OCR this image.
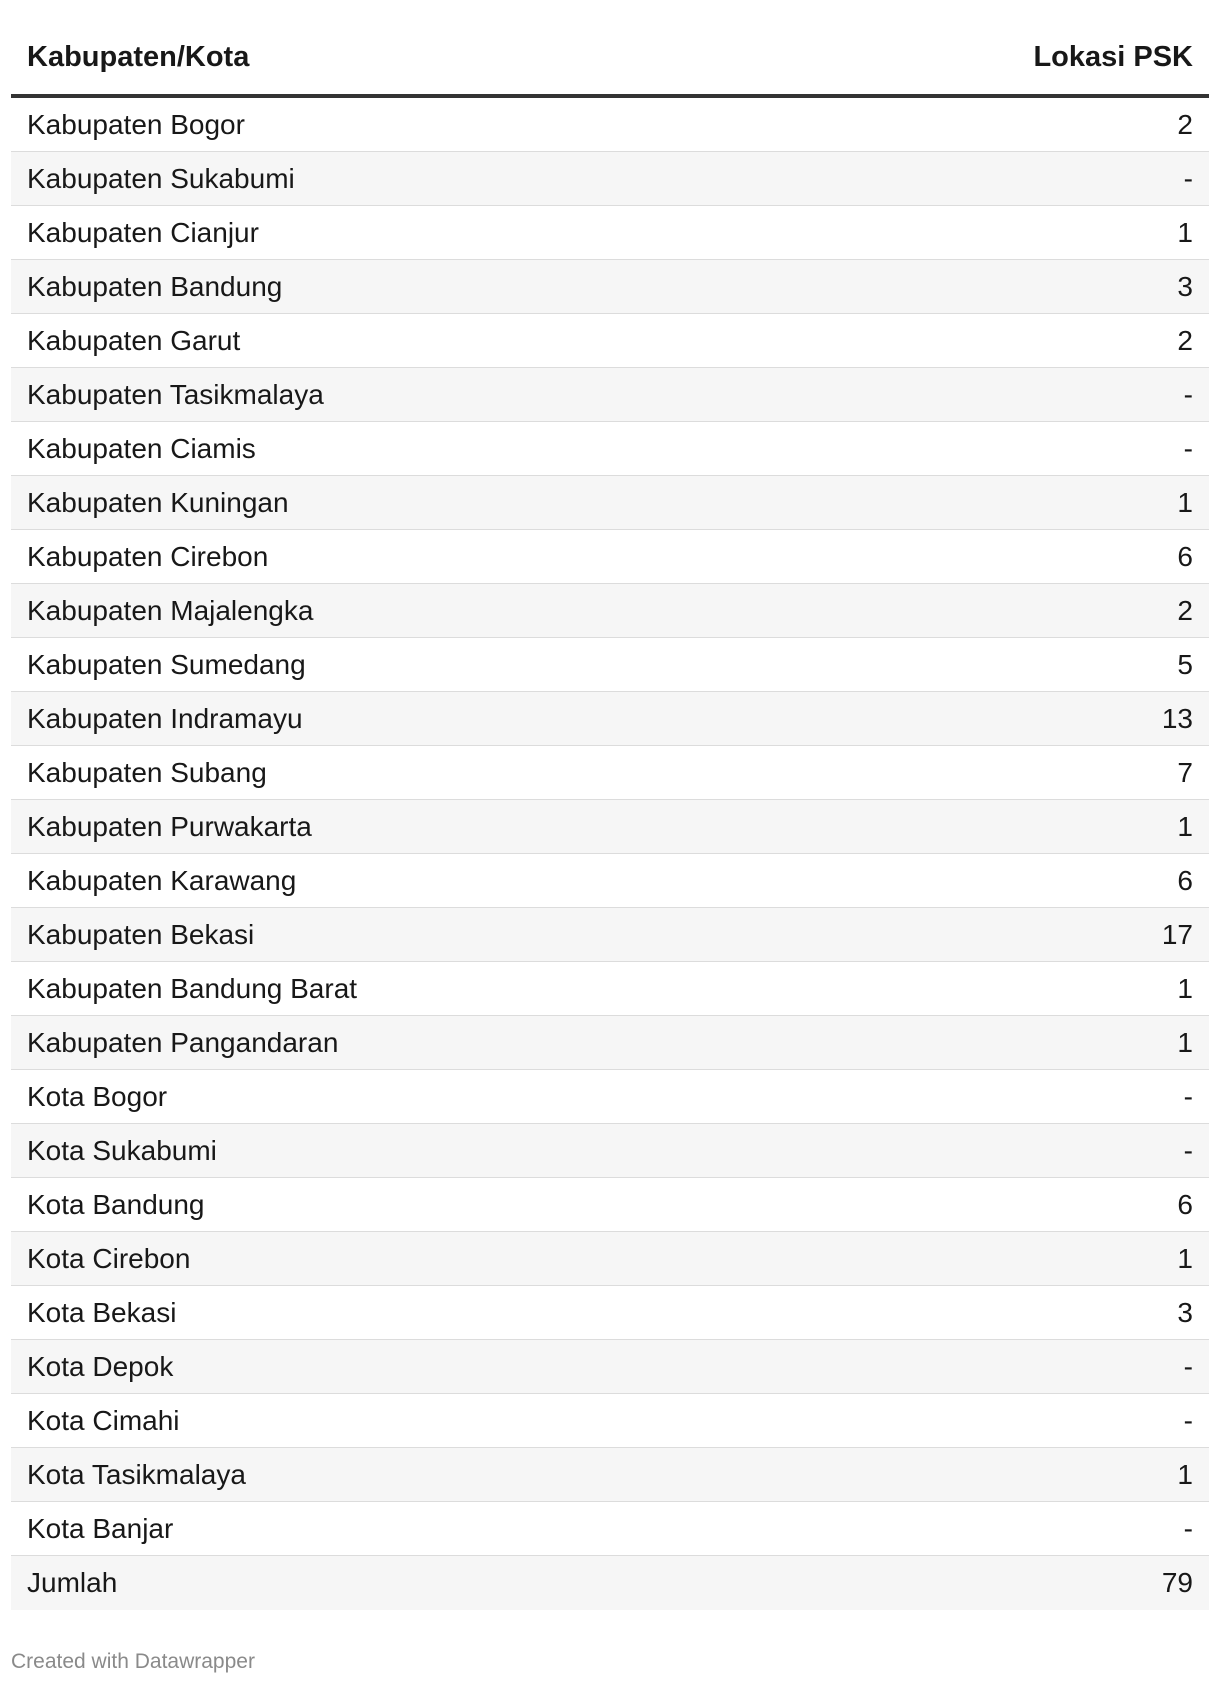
Kabupaten/Kota	Lokasi PSK
Kabupaten Bogor	2
Kabupaten Sukabumi	-
Kabupaten Cianjur	1
Kabupaten Bandung	3
Kabupaten Garut	2
Kabupaten Tasikmalaya	-
Kabupaten Ciamis	-
Kabupaten Kuningan	1
Kabupaten Cirebon	6
Kabupaten Majalengka	2
Kabupaten Sumedang	5
Kabupaten Indramayu	13
Kabupaten Subang	7
Kabupaten Purwakarta	1
Kabupaten Karawang	6
Kabupaten Bekasi	17
Kabupaten Bandung Barat	1
Kabupaten Pangandaran	1
Kota Bogor	-
Kota Sukabumi	-
Kota Bandung	6
Kota Cirebon	1
Kota Bekasi	3
Kota Depok	-
Kota Cimahi	-
Kota Tasikmalaya	1
Kota Banjar	-
Jumlah	79
Created with Datawrapper
